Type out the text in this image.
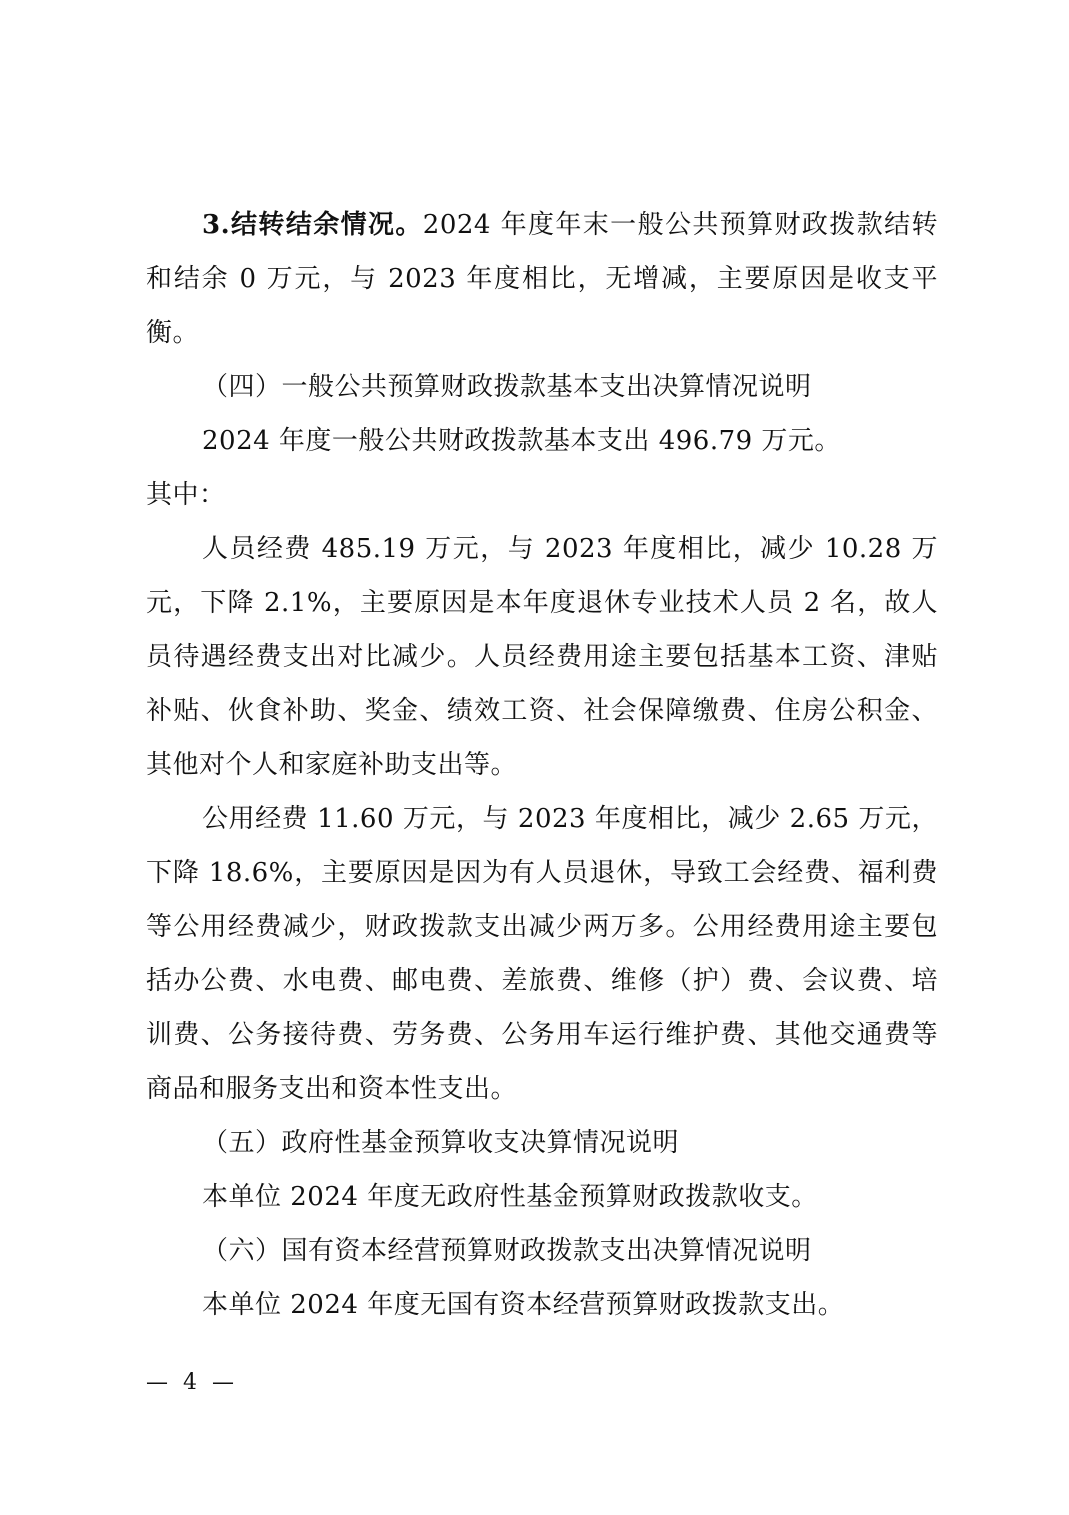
3.结转结余情况。2024 年度年末一般公共预算财政拨款结转和结余 0 万元，与 2023 年度相比，无增减，主要原因是收支平衡。

（四）一般公共预算财政拨款基本支出决算情况说明

2024 年度一般公共财政拨款基本支出 496.79 万元。

其中：

人员经费 485.19 万元，与 2023 年度相比，减少 10.28 万元，下降 2.1%，主要原因是本年度退休专业技术人员 2 名，故人员待遇经费支出对比减少。人员经费用途主要包括基本工资、津贴补贴、伙食补助、奖金、绩效工资、社会保障缴费、住房公积金、其他对个人和家庭补助支出等。

公用经费 11.60 万元，与 2023 年度相比，减少 2.65 万元，下降 18.6%，主要原因是因为有人员退休，导致工会经费、福利费等公用经费减少，财政拨款支出减少两万多。公用经费用途主要包括办公费、水电费、邮电费、差旅费、维修（护）费、会议费、培训费、公务接待费、劳务费、公务用车运行维护费、其他交通费等商品和服务支出和资本性支出。

（五）政府性基金预算收支决算情况说明

本单位 2024 年度无政府性基金预算财政拨款收支。

（六）国有资本经营预算财政拨款支出决算情况说明

本单位 2024 年度无国有资本经营预算财政拨款支出。

— 4 —
